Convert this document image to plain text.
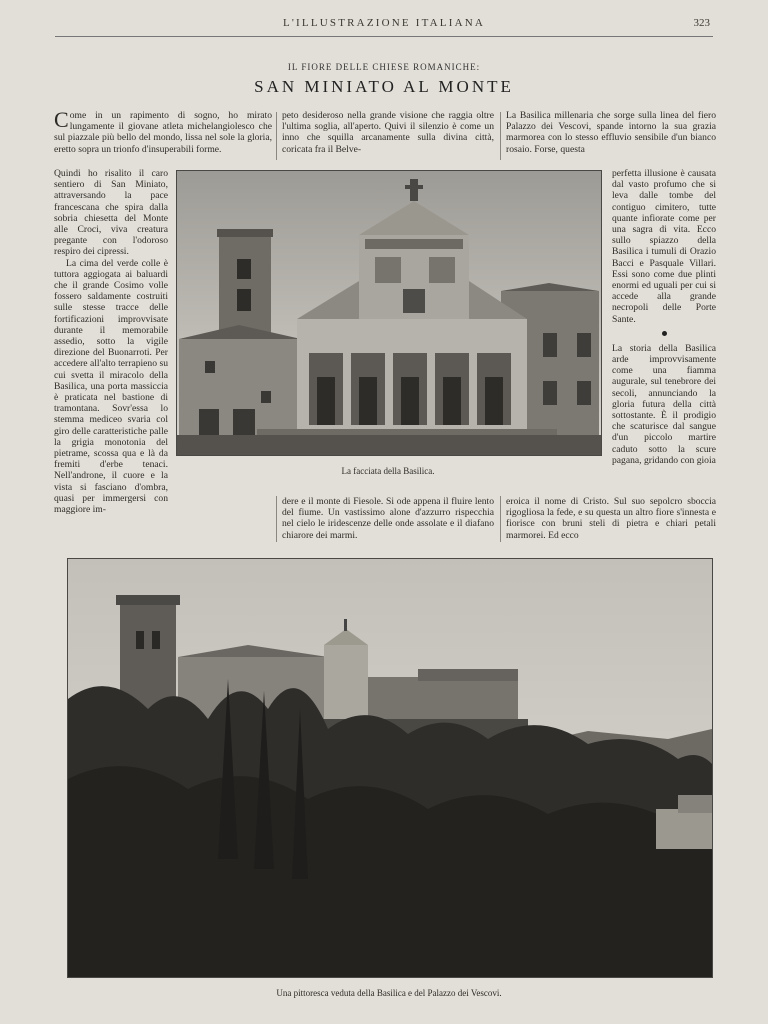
L'ILLUSTRAZIONE ITALIANA	323
IL FIORE DELLE CHIESE ROMANICHE:
SAN MINIATO AL MONTE

Come in un rapimento di sogno, ho mirato lungamente il giovane atleta michelangiolesco che sul piazzale più bello del mondo, lissa nel sole la gloria, eretto sopra un trionfo d'insuperabili forme.

Quindi ho risalito il caro sentiero di San Miniato, attraversando la pace francescana che spira dalla sobria chiesetta del Monte alle Croci, viva creatura pregante con l'odoroso respiro dei cipressi.

La cima del verde colle è tuttora aggiogata ai baluardi che il grande Cosimo volle fossero saldamente costruiti sulle stesse tracce delle fortificazioni improvvisate durante il memorabile assedio, sotto la vigile direzione del Buonarroti. Per accedere all'alto terrapieno su cui svetta il miracolo della Basilica, una porta massiccia è praticata nel bastione di tramontana. Sovr'essa lo stemma mediceo svaria col giro delle caratteristiche palle la grigia monotonia del pietrame, scossa qua e là da fremiti d'erbe tenaci. Nell'androne, il cuore e la vista si fasciano d'ombra, quasi per immergersi con maggiore im-

peto desideroso nella grande visione che raggia oltre l'ultima soglia, all'aperto. Quivi il silenzio è come un inno che squilla arcanamente sulla divina città, coricata fra il Belve-

dere e il monte di Fiesole. Si ode appena il fluire lento del fiume. Un vastissimo alone d'azzurro rispecchia nel cielo le iridescenze delle onde assolate e il diafano chiarore dei marmi.

La Basilica millenaria che sorge sulla linea del fiero Palazzo dei Vescovi, spande intorno la sua grazia marmorea con lo stesso effluvio sensibile d'un bianco rosaio. Forse, questa

perfetta illusione è causata dal vasto profumo che si leva dalle tombe del contiguo cimitero, tutte quante infiorate come per una sagra di vita. Ecco sullo spiazzo della Basilica i tumuli di Orazio Bacci e Pasquale Villari. Essi sono come due plinti enormi ed uguali per cui si accede alla grande necropoli delle Porte Sante.

La storia della Basilica arde improvvisamente come una fiamma augurale, sul tenebrore dei secoli, annunciando la gloria futura della città sottostante. È il prodigio che scaturisce dal sangue d'un piccolo martire caduto sotto la scure pagana, gridando con gioia

eroica il nome di Cristo. Sul suo sepolcro sboccia rigogliosa la fede, e su questa un altro fiore s'innesta e fiorisce con bruni steli di pietra e chiari petali marmorei. Ed ecco

La facciata della Basilica.
Una pittoresca veduta della Basilica e del Palazzo dei Vescovi.
